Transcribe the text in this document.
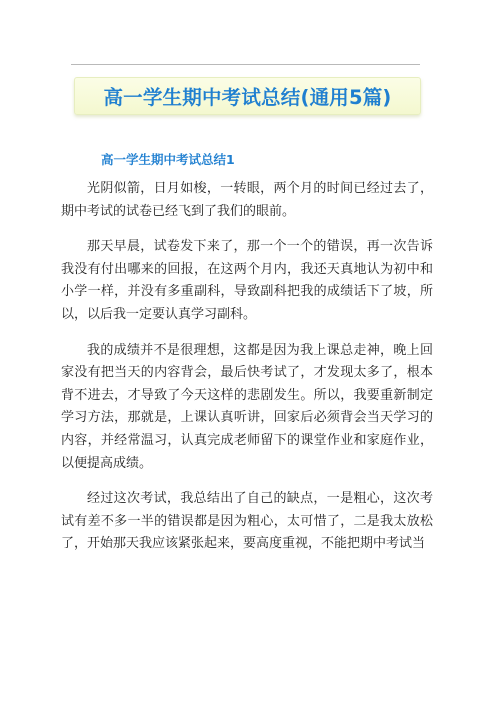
高一学生期中考试总结(通用5篇)
高一学生期中考试总结1

光阴似箭，日月如梭，一转眼，两个月的时间已经过去了，期中考试的试卷已经飞到了我们的眼前。

那天早晨，试卷发下来了，那一个一个的错误，再一次告诉我没有付出哪来的回报，在这两个月内，我还天真地认为初中和小学一样，并没有多重副科，导致副科把我的成绩话下了坡，所以，以后我一定要认真学习副科。

我的成绩并不是很理想，这都是因为我上课总走神，晚上回家没有把当天的内容背会，最后快考试了，才发现太多了，根本背不进去，才导致了今天这样的悲剧发生。所以，我要重新制定学习方法，那就是，上课认真听讲，回家后必须背会当天学习的内容，并经常温习，认真完成老师留下的课堂作业和家庭作业，以便提高成绩。

经过这次考试，我总结出了自己的缺点，一是粗心，这次考试有差不多一半的错误都是因为粗心，太可惜了，二是我太放松了，开始那天我应该紧张起来，要高度重视，不能把期中考试当
